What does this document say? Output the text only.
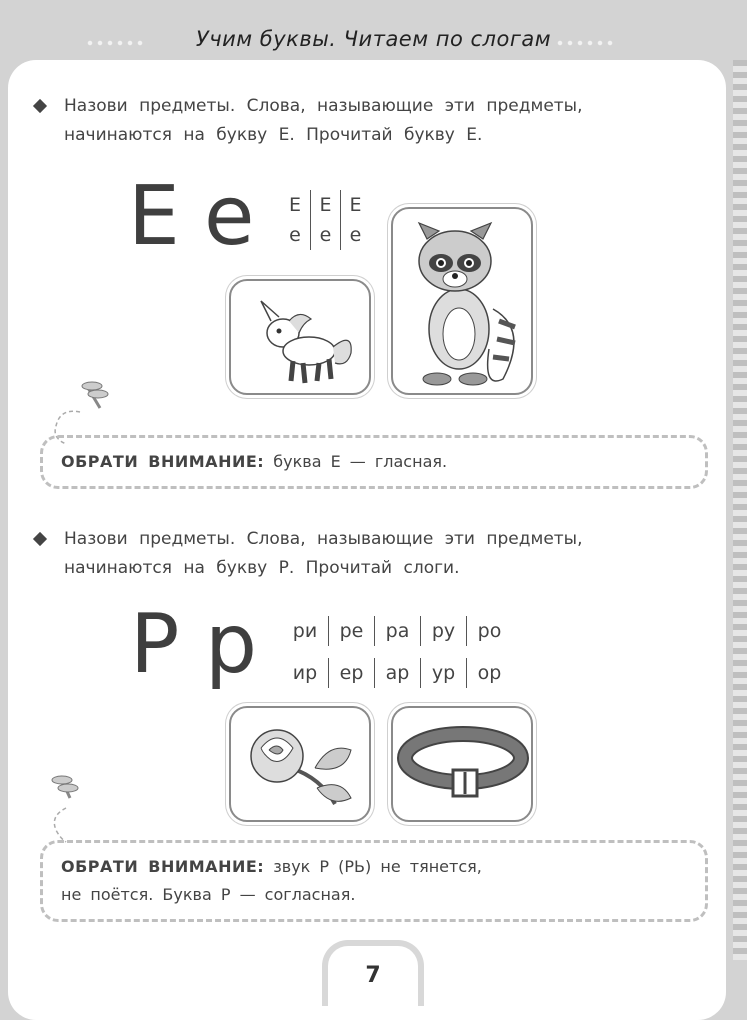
Учим буквы. Читаем по слогам
Назови предметы. Слова, называющие эти предметы,
начинаются на букву Е. Прочитай букву Е.
Е е	Е Е Е
е е е
ОБРАТИ ВНИМАНИЕ: буква Е — гласная.
Назови предметы. Слова, называющие эти предметы,
начинаются на букву Р. Прочитай слоги.
Р р	ри	ре	ра	ру	ро
ир	ер	ар	ур	ор
ОБРАТИ ВНИМАНИЕ: звук Р (РЬ) не тянется,
не поётся. Буква Р — согласная.
7
